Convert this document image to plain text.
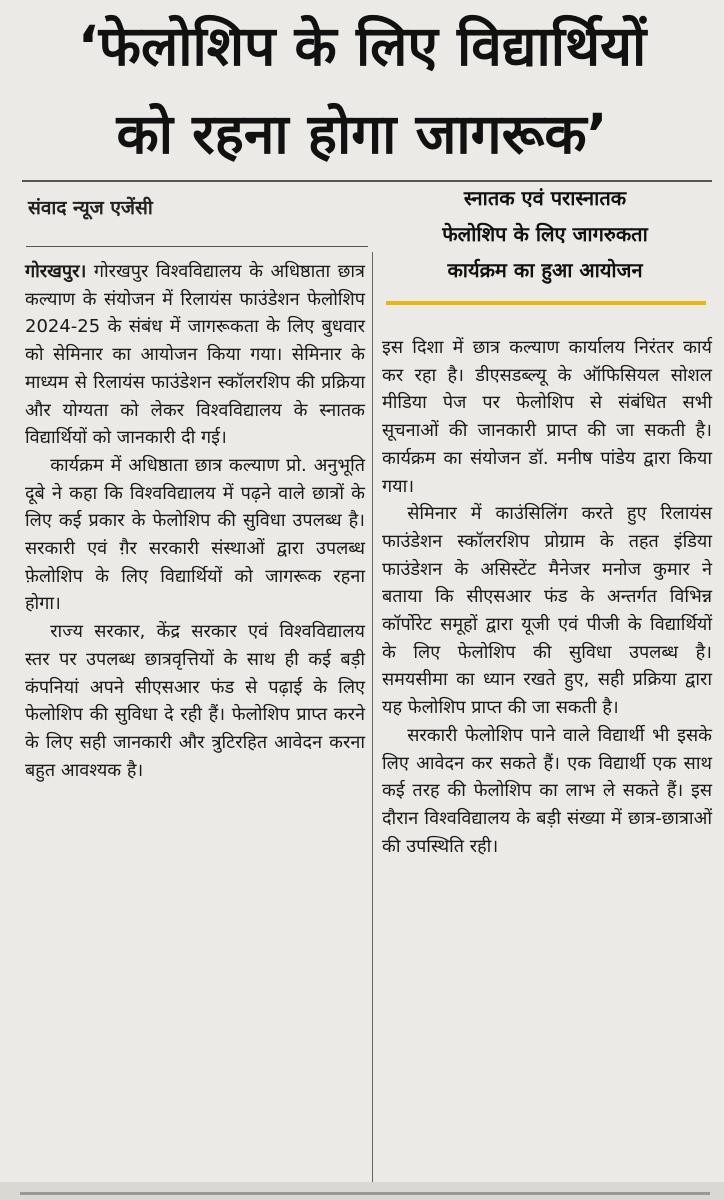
‘फेलोशिप के लिए विद्यार्थियों
को रहना होगा जागरूक’
संवाद न्यूज एजेंसी	स्नातक एवं परास्नातक
फेलोशिप के लिए जागरुकता
कार्यक्रम का हुआ आयोजन

गोरखपुर। गोरखपुर विश्वविद्यालय के अधिष्ठाता छात्र कल्याण के संयोजन में रिलायंस फाउंडेशन फेलोशिप 2024-25 के संबंध में जागरूकता के लिए बुधवार को सेमिनार का आयोजन किया गया। सेमिनार के माध्यम से रिलायंस फाउंडेशन स्कॉलरशिप की प्रक्रिया और योग्यता को लेकर विश्वविद्यालय के स्नातक विद्यार्थियों को जानकारी दी गई।

कार्यक्रम में अधिष्ठाता छात्र कल्याण प्रो. अनुभूति दूबे ने कहा कि विश्वविद्यालय में पढ़ने वाले छात्रों के लिए कई प्रकार के फेलोशिप की सुविधा उपलब्ध है। सरकारी एवं ग़ैर सरकारी संस्थाओं द्वारा उपलब्ध फ़ेलोशिप के लिए विद्यार्थियों को जागरूक रहना होगा।

राज्य सरकार, केंद्र सरकार एवं विश्वविद्यालय स्तर पर उपलब्ध छात्रवृत्तियों के साथ ही कई बड़ी कंपनियां अपने सीएसआर फंड से पढ़ाई के लिए फेलोशिप की सुविधा दे रही हैं। फेलोशिप प्राप्त करने के लिए सही जानकारी और त्रुटिरहित आवेदन करना बहुत आवश्यक है।

इस दिशा में छात्र कल्याण कार्यालय निरंतर कार्य कर रहा है। डीएसडब्ल्यू के ऑफिसियल सोशल मीडिया पेज पर फेलोशिप से संबंधित सभी सूचनाओं की जानकारी प्राप्त की जा सकती है। कार्यक्रम का संयोजन डॉ. मनीष पांडेय द्वारा किया गया।

सेमिनार में काउंसिलिंग करते हुए रिलायंस फाउंडेशन स्कॉलरशिप प्रोग्राम के तहत इंडिया फाउंडेशन के असिस्टेंट मैनेजर मनोज कुमार ने बताया कि सीएसआर फंड के अन्तर्गत विभिन्न कॉर्पोरेट समूहों द्वारा यूजी एवं पीजी के विद्यार्थियों के लिए फेलोशिप की सुविधा उपलब्ध है। समयसीमा का ध्यान रखते हुए, सही प्रक्रिया द्वारा यह फेलोशिप प्राप्त की जा सकती है।

सरकारी फेलोशिप पाने वाले विद्यार्थी भी इसके लिए आवेदन कर सकते हैं। एक विद्यार्थी एक साथ कई तरह की फेलोशिप का लाभ ले सकते हैं। इस दौरान विश्वविद्यालय के बड़ी संख्या में छात्र-छात्राओं की उपस्थिति रही।
